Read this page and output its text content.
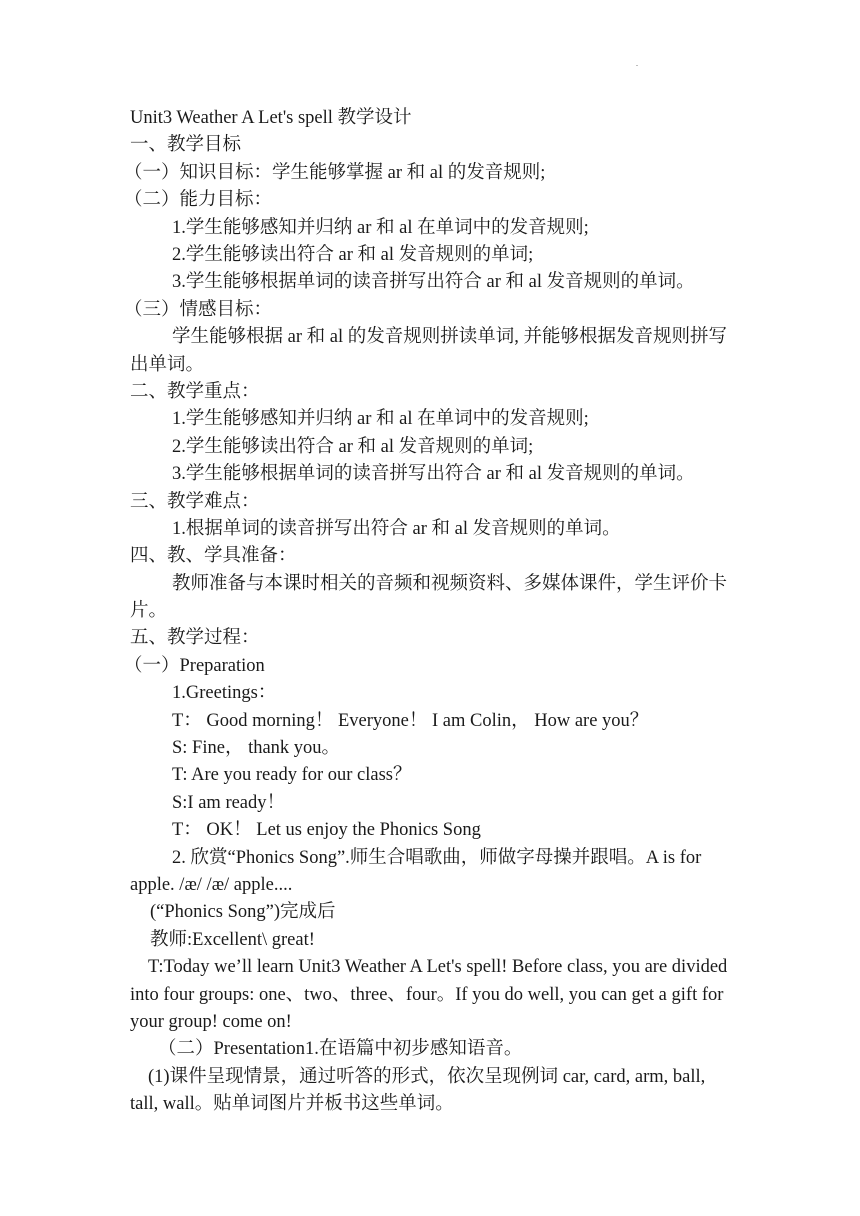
.
Unit3 Weather A Let's spell 教学设计
一、教学目标
（一）知识目标：学生能够掌握 ar 和 al 的发音规则;
（二）能力目标：
1.学生能够感知并归纳 ar 和 al 在单词中的发音规则;
2.学生能够读出符合 ar 和 al 发音规则的单词;
3.学生能够根据单词的读音拼写出符合 ar 和 al 发音规则的单词。
（三）情感目标：
学生能够根据 ar 和 al 的发音规则拼读单词, 并能够根据发音规则拼写出单词。
二、教学重点：
1.学生能够感知并归纳 ar 和 al 在单词中的发音规则;
2.学生能够读出符合 ar 和 al 发音规则的单词;
3.学生能够根据单词的读音拼写出符合 ar 和 al 发音规则的单词。
三、教学难点：
1.根据单词的读音拼写出符合 ar 和 al 发音规则的单词。
四、教、学具准备：
教师准备与本课时相关的音频和视频资料、多媒体课件，学生评价卡片。
五、教学过程：
（一）Preparation
1.Greetings：
T： Good morning！ Everyone！ I am Colin， How are you？
S: Fine， thank you。
T: Are you ready for our class？
S:I am ready！
T： OK！ Let us enjoy the Phonics Song
2. 欣赏“Phonics Song”.师生合唱歌曲，师做字母操并跟唱。A is for apple. /æ/ /æ/ apple....
(“Phonics Song”)完成后
教师:Excellent\ great!
T:Today we’ll learn Unit3 Weather A Let's spell! Before class, you are divided into four groups: one、two、three、four。If you do well, you can get a gift for your group! come on!
（二）Presentation1.在语篇中初步感知语音。
(1)课件呈现情景，通过听答的形式，依次呈现例词 car, card, arm, ball, tall, wall。贴单词图片并板书这些单词。
